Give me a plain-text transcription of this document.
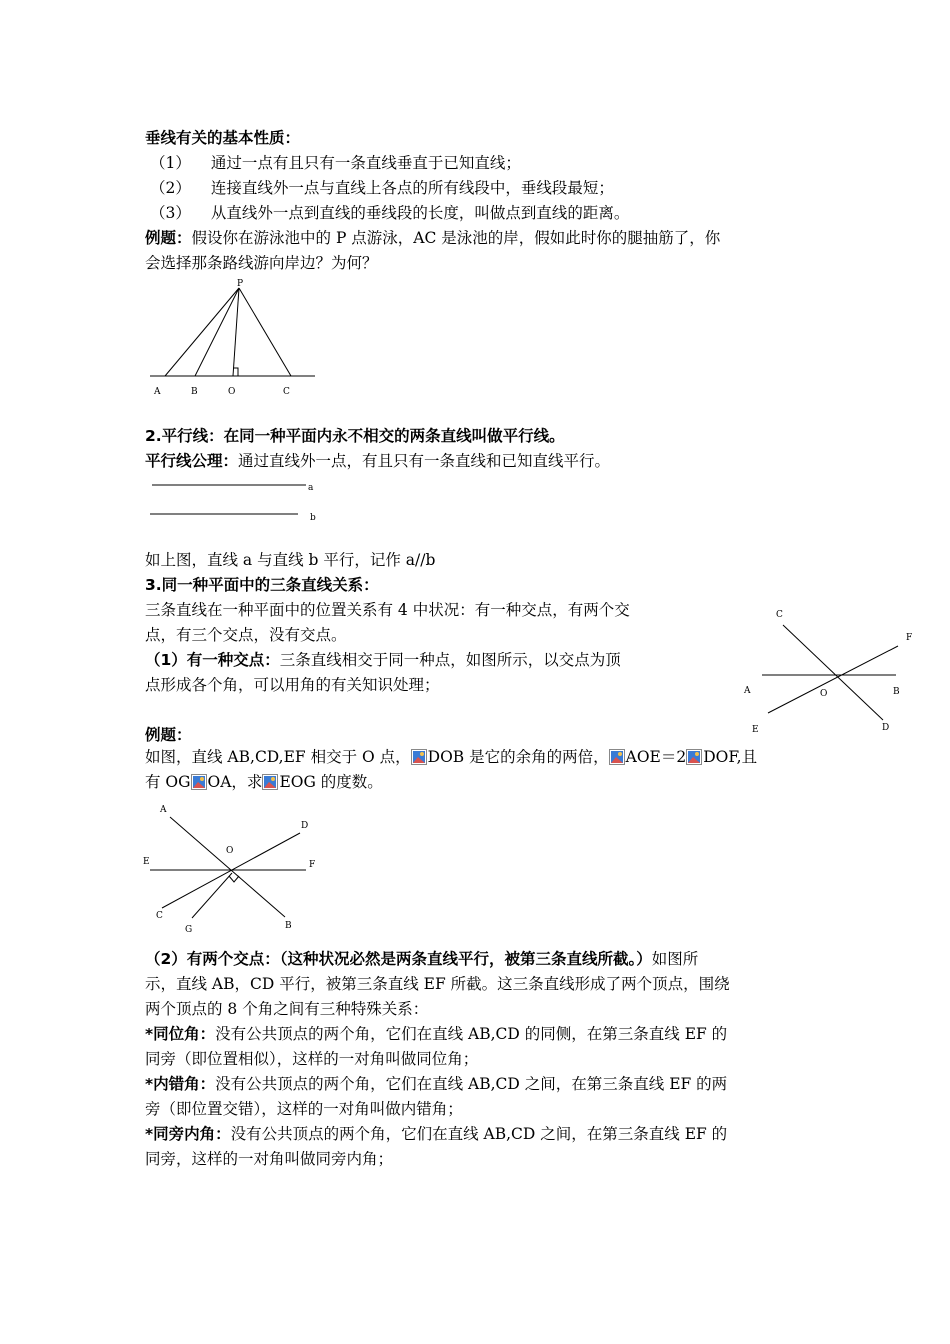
垂线有关的基本性质：
（1） 通过一点有且只有一条直线垂直于已知直线；
（2） 连接直线外一点与直线上各点的所有线段中，垂线段最短；
（3） 从直线外一点到直线的垂线段的长度，叫做点到直线的距离。
例题：假设你在游泳池中的 P 点游泳，AC 是泳池的岸，假如此时你的腿抽筋了，你
会选择那条路线游向岸边？为何？
P
A	B	O	C
2.平行线：在同一种平面内永不相交的两条直线叫做平行线。
平行线公理：通过直线外一点，有且只有一条直线和已知直线平行。
a
b
如上图，直线 a 与直线 b 平行，记作 a//b
3.同一种平面中的三条直线关系：
三条直线在一种平面中的位置关系有 4 中状况：有一种交点，有两个交
点，有三个交点，没有交点。
（1）有一种交点：三条直线相交于同一种点，如图所示，以交点为顶
点形成各个角，可以用角的有关知识处理；
C
F
A	O	B
E	D
例题：
如图，直线 AB,CD,EF 相交于 O 点， DOB 是它的余角的两倍， AOE＝2 DOF,且
有 OG OA，求 EOG 的度数。
A
D
O
E	F
C
G	B
（2）有两个交点：（这种状况必然是两条直线平行，被第三条直线所截。）如图所
示，直线 AB，CD 平行，被第三条直线 EF 所截。这三条直线形成了两个顶点，围绕
两个顶点的 8 个角之间有三种特殊关系：
*同位角：没有公共顶点的两个角，它们在直线 AB,CD 的同侧，在第三条直线 EF 的
同旁（即位置相似），这样的一对角叫做同位角；
*内错角：没有公共顶点的两个角，它们在直线 AB,CD 之间，在第三条直线 EF 的两
旁（即位置交错），这样的一对角叫做内错角；
*同旁内角：没有公共顶点的两个角，它们在直线 AB,CD 之间，在第三条直线 EF 的
同旁，这样的一对角叫做同旁内角；
